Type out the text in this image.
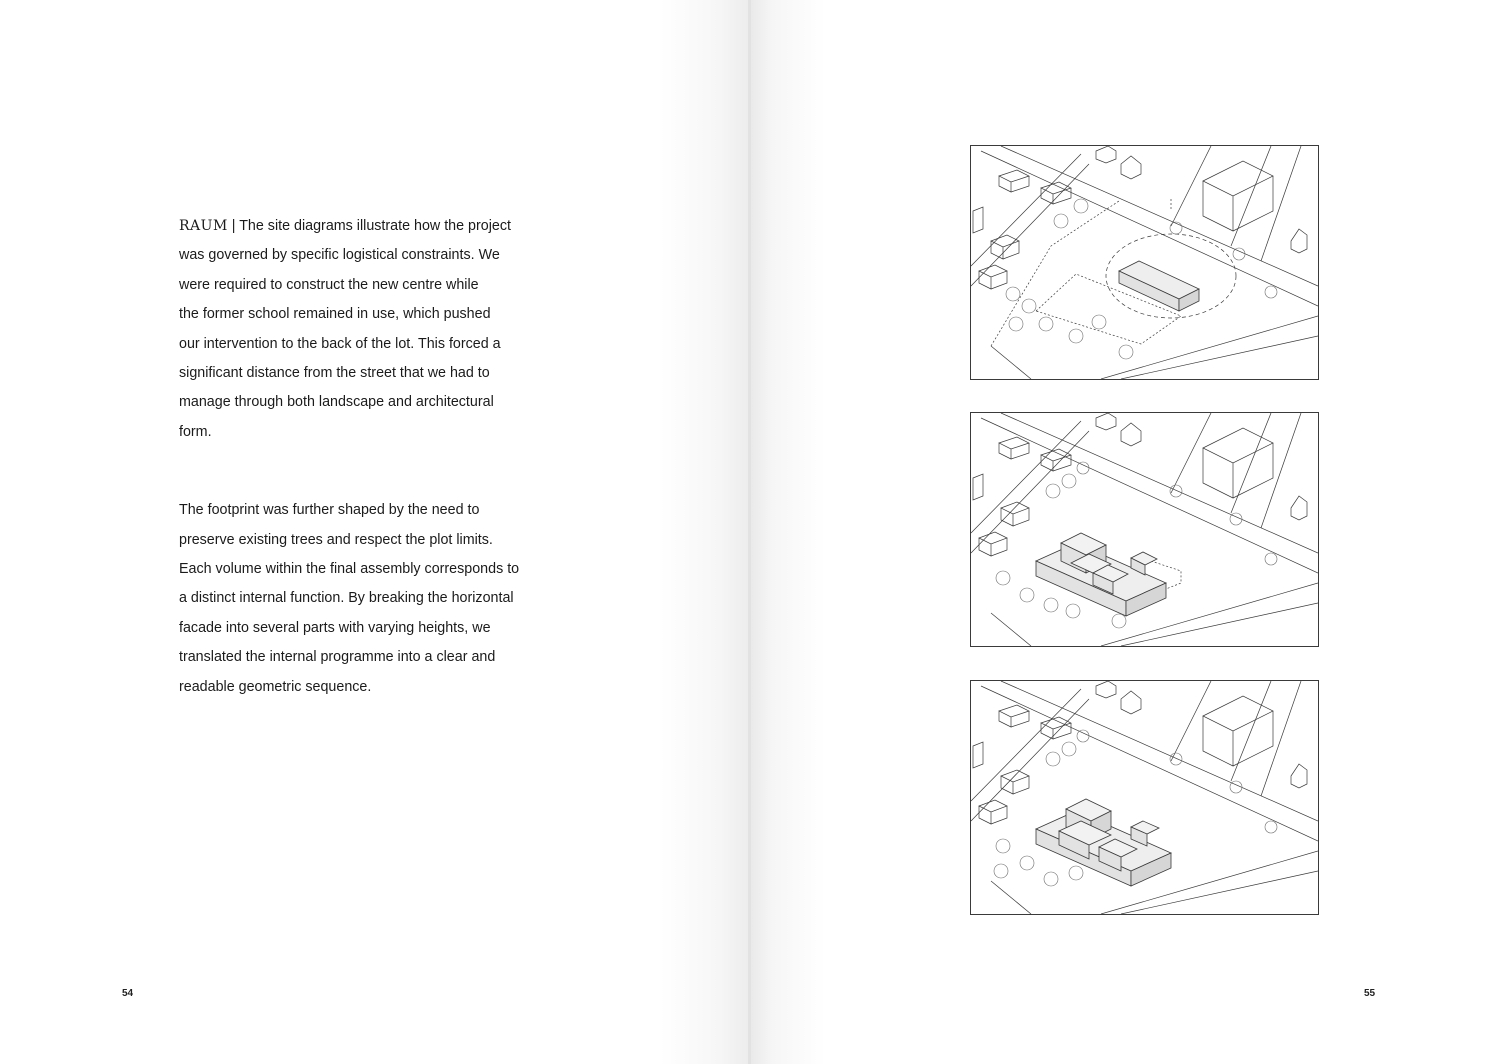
RAUM | The site diagrams illustrate how the project
was governed by specific logistical constraints. We
were required to construct the new centre while
the former school remained in use, which pushed
our intervention to the back of the lot. This forced a
significant distance from the street that we had to
manage through both landscape and architectural
form.

The footprint was further shaped by the need to
preserve existing trees and respect the plot limits.
Each volume within the final assembly corresponds to
a distinct internal function. By breaking the horizontal
facade into several parts with varying heights, we
translated the internal programme into a clear and
readable geometric sequence.

54	55
